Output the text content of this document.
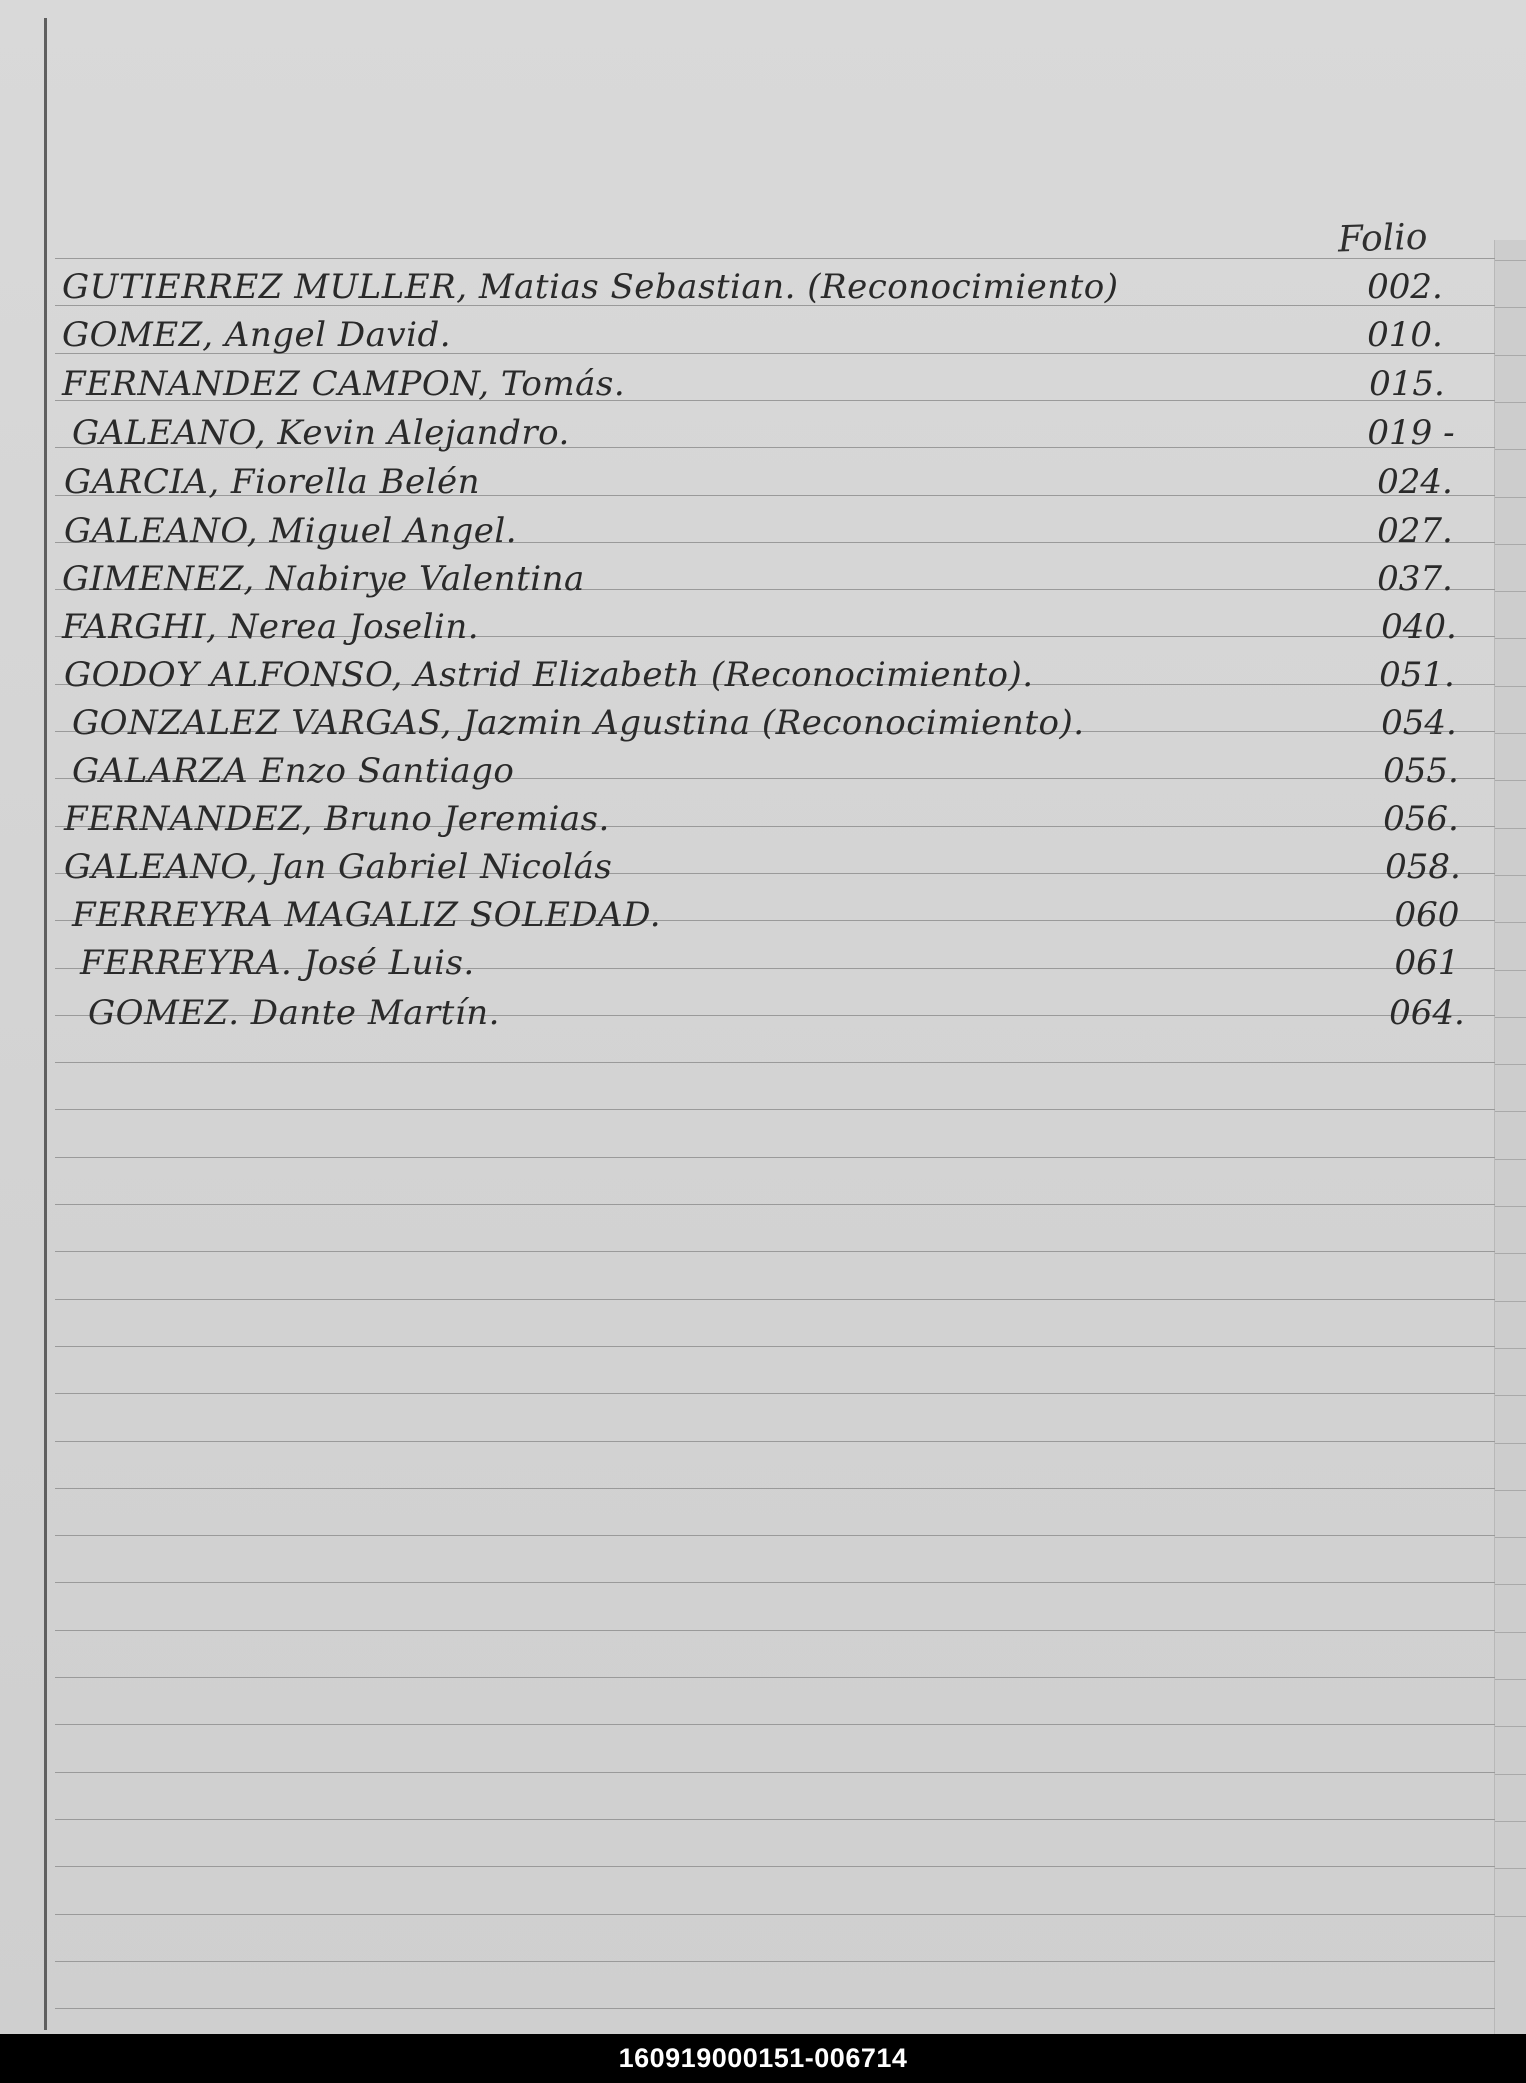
Folio
GUTIERREZ MULLER, Matias Sebastian. (Reconocimiento)	002.
GOMEZ, Angel David.	010.
FERNANDEZ CAMPON, Tomás.	015.
GALEANO, Kevin Alejandro.	019 -
GARCIA, Fiorella Belén	024.
GALEANO, Miguel Angel.	027.
GIMENEZ, Nabirye Valentina	037.
FARGHI, Nerea Joselin.	040.
GODOY ALFONSO, Astrid Elizabeth (Reconocimiento).	051.
GONZALEZ VARGAS, Jazmin Agustina (Reconocimiento).	054.
GALARZA Enzo Santiago	055.
FERNANDEZ, Bruno Jeremias.	056.
GALEANO, Jan Gabriel Nicolás	058.
FERREYRA MAGALIZ SOLEDAD.	060
FERREYRA. José Luis.	061
GOMEZ. Dante Martín.	064.
160919000151-006714
